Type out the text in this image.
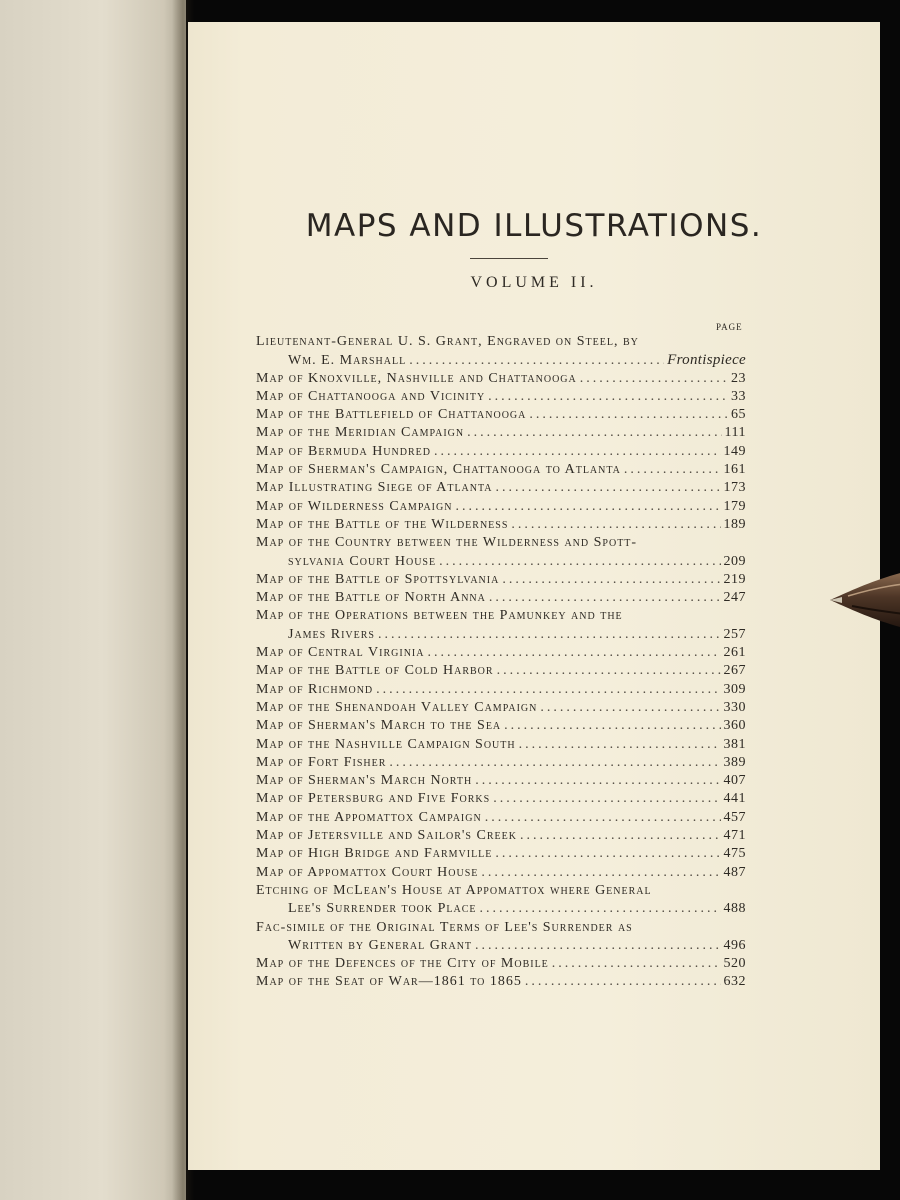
MAPS AND ILLUSTRATIONS.
VOLUME II.
PAGE
Lieutenant-General U. S. Grant, Engraved on Steel, by
Wm. E. Marshall .....	Frontispiece
Map of Knoxville, Nashville and Chattanooga .....	23
Map of Chattanooga and Vicinity .....	33
Map of the Battlefield of Chattanooga .....	65
Map of the Meridian Campaign .....	111
Map of Bermuda Hundred .....	149
Map of Sherman's Campaign, Chattanooga to Atlanta .....	161
Map Illustrating Siege of Atlanta .....	173
Map of Wilderness Campaign .....	179
Map of the Battle of the Wilderness .....	189
Map of the Country between the Wilderness and Spott-
sylvania Court House .....	209
Map of the Battle of Spottsylvania .....	219
Map of the Battle of North Anna .....	247
Map of the Operations between the Pamunkey and the
James Rivers .....	257
Map of Central Virginia .....	261
Map of the Battle of Cold Harbor .....	267
Map of Richmond .....	309
Map of the Shenandoah Valley Campaign .....	330
Map of Sherman's March to the Sea .....	360
Map of the Nashville Campaign South .....	381
Map of Fort Fisher .....	389
Map of Sherman's March North .....	407
Map of Petersburg and Five Forks .....	441
Map of the Appomattox Campaign .....	457
Map of Jetersville and Sailor's Creek .....	471
Map of High Bridge and Farmville .....	475
Map of Appomattox Court House .....	487
Etching of McLean's House at Appomattox where General
Lee's Surrender took Place .....	488
Fac-simile of the Original Terms of Lee's Surrender as
Written by General Grant .....	496
Map of the Defences of the City of Mobile .....	520
Map of the Seat of War—1861 to 1865 .....	632
